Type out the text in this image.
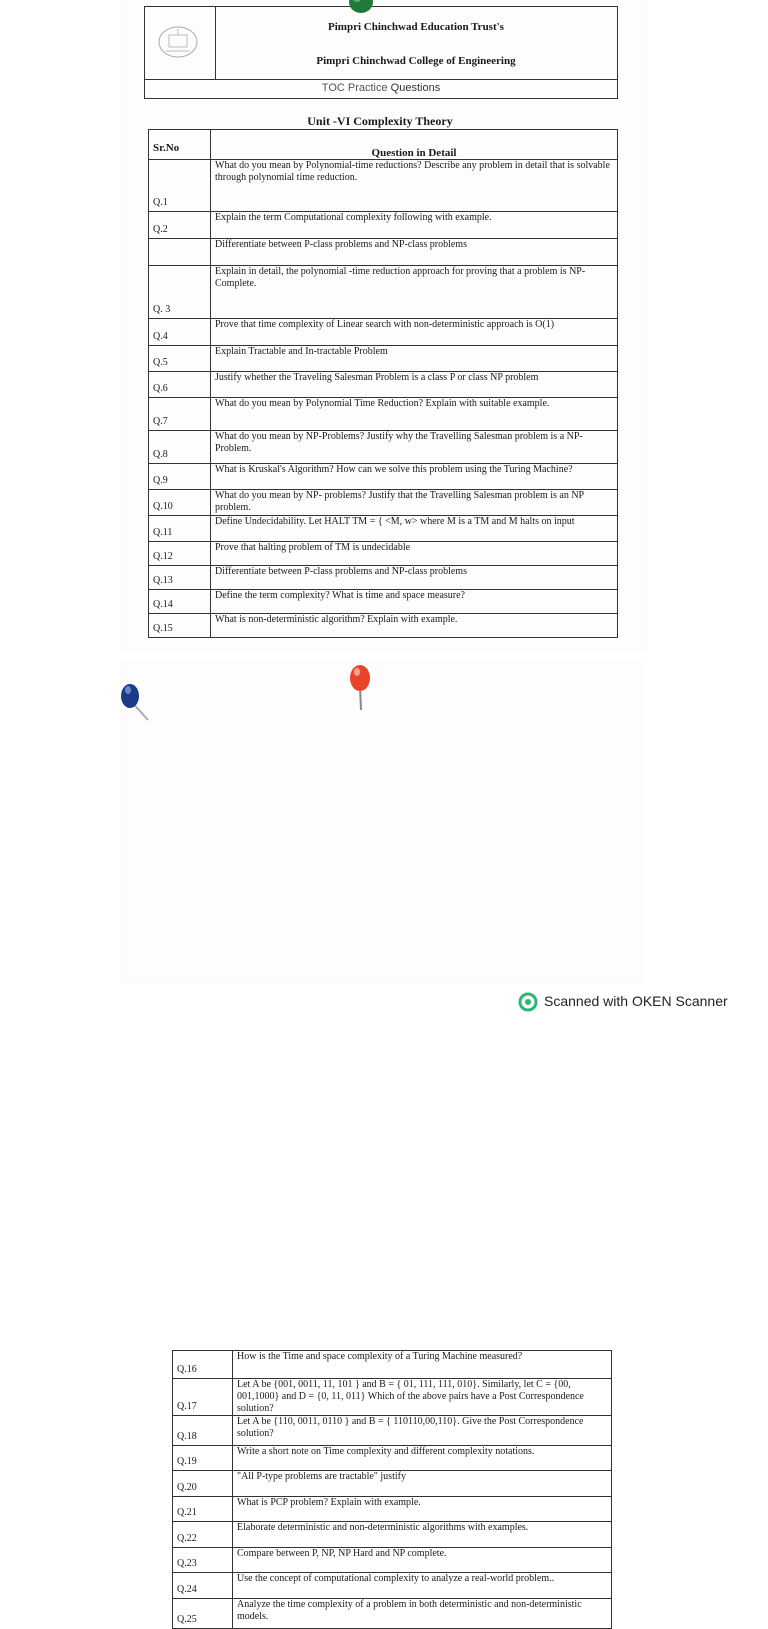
Pimpri Chinchwad Education Trust's
Pimpri Chinchwad College of Engineering
TOC Practice Questions
Unit -VI Complexity Theory
Sr.No	Question in Detail
Q.1	What do you mean by Polynomial-time reductions? Describe any problem in detail that is solvable through polynomial time reduction.
Q.2	Explain the term Computational complexity following with example.
	Differentiate between P-class problems and NP-class problems
Q. 3	Explain in detail, the polynomial -time reduction approach for proving that a problem is NP- Complete.
Q.4	Prove that time complexity of Linear search with non-deterministic approach is O(1)
Q.5	Explain Tractable and In-tractable Problem
Q.6	Justify whether the Traveling Salesman Problem is a class P or class NP problem
Q.7	What do you mean by Polynomial Time Reduction? Explain with suitable example.
Q.8	What do you mean by NP-Problems? Justify why the Travelling Salesman problem is a NP-Problem.
Q.9	What is Kruskal's Algorithm? How can we solve this problem using the Turing Machine?
Q.10	What do you mean by NP- problems? Justify that the Travelling Salesman problem is an NP problem.
Q.11	Define Undecidability. Let HALT TM = { <M, w> where M is a TM and M halts on input
Q.12	Prove that halting problem of TM is undecidable
Q.13	Differentiate between P-class problems and NP-class problems
Q.14	Define the term complexity? What is time and space measure?
Q.15	What is non-deterministic algorithm? Explain with example.
Q.16	How is the Time and space complexity of a Turing Machine measured?
Q.17	Let A be {001, 0011, 11, 101 } and B = { 01, 111, 111, 010}. Similarly, let C = {00, 001,1000} and D = {0, 11, 011} Which of the above pairs have a Post Correspondence solution?
Q.18	Let A be {110, 0011, 0110 } and B = { 110110,00,110}. Give the Post Correspondence solution?
Q.19	Write a short note on Time complexity and different complexity notations.
Q.20	"All P-type problems are tractable" justify
Q.21	What is PCP problem? Explain with example.
Q.22	Elaborate deterministic and non-deterministic algorithms with examples.
Q.23	Compare between P, NP, NP Hard and NP complete.
Q.24	Use the concept of computational complexity to analyze a real-world problem..
Q.25	Analyze the time complexity of a problem in both deterministic and non-deterministic models.
Scanned with OKEN Scanner
